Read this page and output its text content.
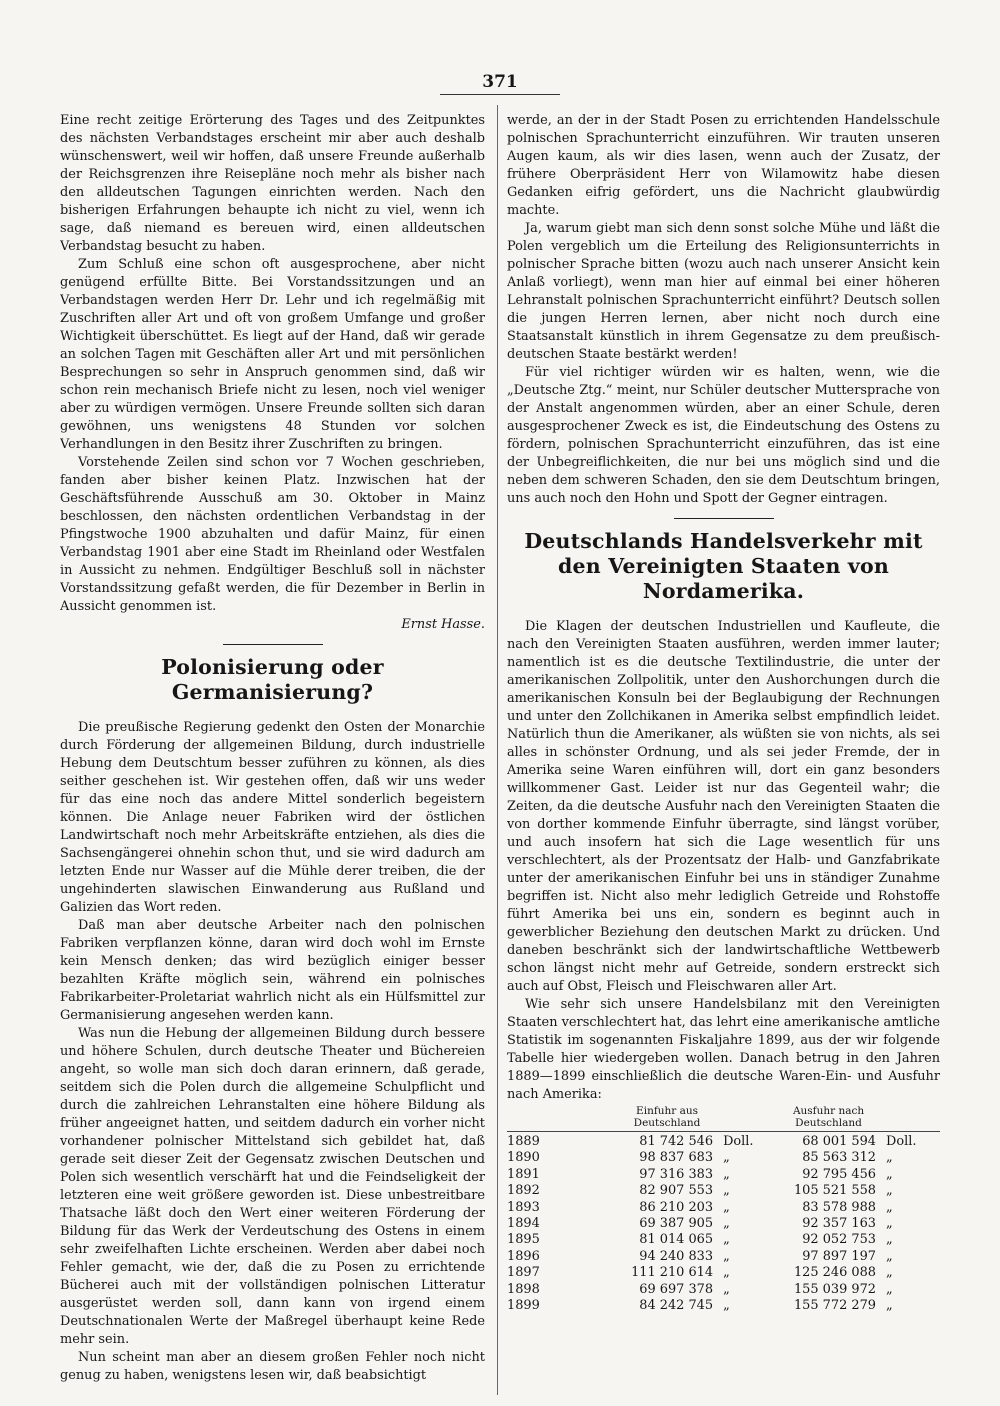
371

Eine recht zeitige Erörterung des Tages und des Zeitpunktes des nächsten Verbandstages erscheint mir aber auch deshalb wünschenswert, weil wir hoffen, daß unsere Freunde außerhalb der Reichsgrenzen ihre Reisepläne noch mehr als bisher nach den alldeutschen Tagungen einrichten werden. Nach den bisherigen Erfahrungen behaupte ich nicht zu viel, wenn ich sage, daß niemand es bereuen wird, einen alldeutschen Verbandstag besucht zu haben.

Zum Schluß eine schon oft ausgesprochene, aber nicht genügend erfüllte Bitte. Bei Vorstandssitzungen und an Verbandstagen werden Herr Dr. Lehr und ich regelmäßig mit Zuschriften aller Art und oft von großem Umfange und großer Wichtigkeit überschüttet. Es liegt auf der Hand, daß wir gerade an solchen Tagen mit Geschäften aller Art und mit persönlichen Besprechungen so sehr in Anspruch genommen sind, daß wir schon rein mechanisch Briefe nicht zu lesen, noch viel weniger aber zu würdigen vermögen. Unsere Freunde sollten sich daran gewöhnen, uns wenigstens 48 Stunden vor solchen Verhandlungen in den Besitz ihrer Zuschriften zu bringen.

Vorstehende Zeilen sind schon vor 7 Wochen geschrieben, fanden aber bisher keinen Platz. Inzwischen hat der Geschäftsführende Ausschuß am 30. Oktober in Mainz beschlossen, den nächsten ordentlichen Verbandstag in der Pfingstwoche 1900 abzuhalten und dafür Mainz, für einen Verbandstag 1901 aber eine Stadt im Rheinland oder Westfalen in Aussicht zu nehmen. Endgültiger Beschluß soll in nächster Vorstandssitzung gefaßt werden, die für Dezember in Berlin in Aussicht genommen ist.

Ernst Hasse.

Polonisierung oder Germanisierung?

Die preußische Regierung gedenkt den Osten der Monarchie durch Förderung der allgemeinen Bildung, durch industrielle Hebung dem Deutschtum besser zuführen zu können, als dies seither geschehen ist. Wir gestehen offen, daß wir uns weder für das eine noch das andere Mittel sonderlich begeistern können. Die Anlage neuer Fabriken wird der östlichen Landwirtschaft noch mehr Arbeitskräfte entziehen, als dies die Sachsengängerei ohnehin schon thut, und sie wird dadurch am letzten Ende nur Wasser auf die Mühle derer treiben, die der ungehinderten slawischen Einwanderung aus Rußland und Galizien das Wort reden.

Daß man aber deutsche Arbeiter nach den polnischen Fabriken verpflanzen könne, daran wird doch wohl im Ernste kein Mensch denken; das wird bezüglich einiger besser bezahlten Kräfte möglich sein, während ein polnisches Fabrikarbeiter-Proletariat wahrlich nicht als ein Hülfsmittel zur Germanisierung angesehen werden kann.

Was nun die Hebung der allgemeinen Bildung durch bessere und höhere Schulen, durch deutsche Theater und Büchereien angeht, so wolle man sich doch daran erinnern, daß gerade, seitdem sich die Polen durch die allgemeine Schulpflicht und durch die zahlreichen Lehranstalten eine höhere Bildung als früher angeeignet hatten, und seitdem dadurch ein vorher nicht vorhandener polnischer Mittelstand sich gebildet hat, daß gerade seit dieser Zeit der Gegensatz zwischen Deutschen und Polen sich wesentlich verschärft hat und die Feindseligkeit der letzteren eine weit größere geworden ist. Diese unbestreitbare Thatsache läßt doch den Wert einer weiteren Förderung der Bildung für das Werk der Verdeutschung des Ostens in einem sehr zweifelhaften Lichte erscheinen. Werden aber dabei noch Fehler gemacht, wie der, daß die zu Posen zu errichtende Bücherei auch mit der vollständigen polnischen Litteratur ausgerüstet werden soll, dann kann von irgend einem Deutschnationalen Werte der Maßregel überhaupt keine Rede mehr sein.

Nun scheint man aber an diesem großen Fehler noch nicht genug zu haben, wenigstens lesen wir, daß beabsichtigt

werde, an der in der Stadt Posen zu errichtenden Handelsschule polnischen Sprachunterricht einzuführen. Wir trauten unseren Augen kaum, als wir dies lasen, wenn auch der Zusatz, der frühere Oberpräsident Herr von Wilamowitz habe diesen Gedanken eifrig gefördert, uns die Nachricht glaubwürdig machte.

Ja, warum giebt man sich denn sonst solche Mühe und läßt die Polen vergeblich um die Erteilung des Religionsunterrichts in polnischer Sprache bitten (wozu auch nach unserer Ansicht kein Anlaß vorliegt), wenn man hier auf einmal bei einer höheren Lehranstalt polnischen Sprachunterricht einführt? Deutsch sollen die jungen Herren lernen, aber nicht noch durch eine Staatsanstalt künstlich in ihrem Gegensatze zu dem preußisch-deutschen Staate bestärkt werden!

Für viel richtiger würden wir es halten, wenn, wie die „Deutsche Ztg.“ meint, nur Schüler deutscher Muttersprache von der Anstalt angenommen würden, aber an einer Schule, deren ausgesprochener Zweck es ist, die Eindeutschung des Ostens zu fördern, polnischen Sprachunterricht einzuführen, das ist eine der Unbegreiflichkeiten, die nur bei uns möglich sind und die neben dem schweren Schaden, den sie dem Deutschtum bringen, uns auch noch den Hohn und Spott der Gegner eintragen.

Deutschlands Handelsverkehr mit den Vereinigten Staaten von Nordamerika.

Die Klagen der deutschen Industriellen und Kaufleute, die nach den Vereinigten Staaten ausführen, werden immer lauter; namentlich ist es die deutsche Textilindustrie, die unter der amerikanischen Zollpolitik, unter den Aushorchungen durch die amerikanischen Konsuln bei der Beglaubigung der Rechnungen und unter den Zollchikanen in Amerika selbst empfindlich leidet. Natürlich thun die Amerikaner, als wüßten sie von nichts, als sei alles in schönster Ordnung, und als sei jeder Fremde, der in Amerika seine Waren einführen will, dort ein ganz besonders willkommener Gast. Leider ist nur das Gegenteil wahr; die Zeiten, da die deutsche Ausfuhr nach den Vereinigten Staaten die von dorther kommende Einfuhr überragte, sind längst vorüber, und auch insofern hat sich die Lage wesentlich für uns verschlechtert, als der Prozentsatz der Halb- und Ganzfabrikate unter der amerikanischen Einfuhr bei uns in ständiger Zunahme begriffen ist. Nicht also mehr lediglich Getreide und Rohstoffe führt Amerika bei uns ein, sondern es beginnt auch in gewerblicher Beziehung den deutschen Markt zu drücken. Und daneben beschränkt sich der landwirtschaftliche Wettbewerb schon längst nicht mehr auf Getreide, sondern erstreckt sich auch auf Obst, Fleisch und Fleischwaren aller Art.

Wie sehr sich unsere Handelsbilanz mit den Vereinigten Staaten verschlechtert hat, das lehrt eine amerikanische amtliche Statistik im sogenannten Fiskaljahre 1899, aus der wir folgende Tabelle hier wiedergeben wollen. Danach betrug in den Jahren 1889—1899 einschließlich die deutsche Waren-Ein- und Ausfuhr nach Amerika:

	Einfuhr aus Deutschland		Ausfuhr nach Deutschland	
1889	81 742 546	Doll.	68 001 594	Doll.
1890	98 837 683	„	85 563 312	„
1891	97 316 383	„	92 795 456	„
1892	82 907 553	„	105 521 558	„
1893	86 210 203	„	83 578 988	„
1894	69 387 905	„	92 357 163	„
1895	81 014 065	„	92 052 753	„
1896	94 240 833	„	97 897 197	„
1897	111 210 614	„	125 246 088	„
1898	69 697 378	„	155 039 972	„
1899	84 242 745	„	155 772 279	„
